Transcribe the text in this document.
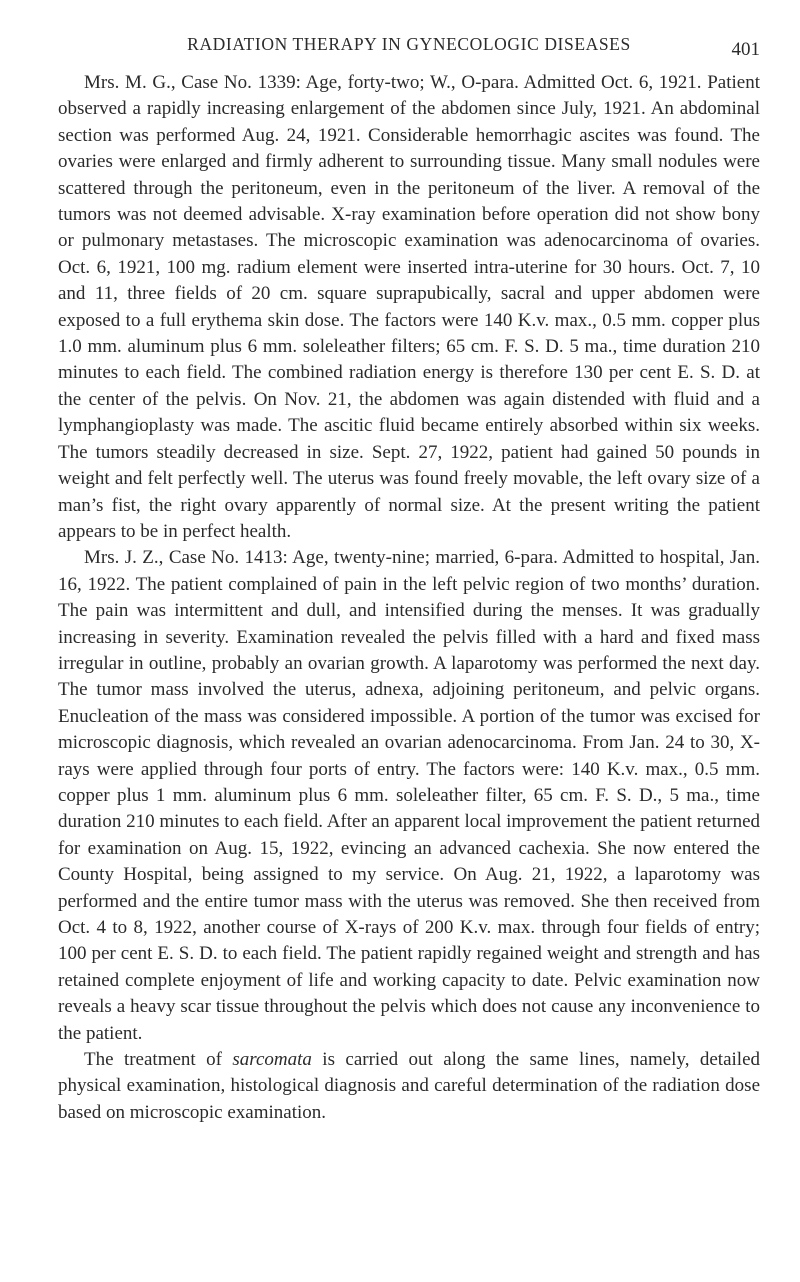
RADIATION THERAPY IN GYNECOLOGIC DISEASES	401

Mrs. M. G., Case No. 1339: Age, forty-two; W., O-para. Admitted Oct. 6, 1921. Patient observed a rapidly increasing enlargement of the abdomen since July, 1921. An abdominal section was performed Aug. 24, 1921. Considerable hemorrhagic ascites was found. The ovaries were enlarged and firmly adherent to surrounding tissue. Many small nodules were scattered through the peritoneum, even in the peritoneum of the liver. A removal of the tumors was not deemed advisable. X-ray examination before operation did not show bony or pulmonary metastases. The microscopic examination was adenocarcinoma of ovaries. Oct. 6, 1921, 100 mg. radium element were inserted intra-uterine for 30 hours. Oct. 7, 10 and 11, three fields of 20 cm. square suprapubically, sacral and upper abdomen were exposed to a full erythema skin dose. The factors were 140 K.v. max., 0.5 mm. copper plus 1.0 mm. aluminum plus 6 mm. soleleather filters; 65 cm. F. S. D. 5 ma., time duration 210 minutes to each field. The combined radiation energy is therefore 130 per cent E. S. D. at the center of the pelvis. On Nov. 21, the abdomen was again distended with fluid and a lymphangioplasty was made. The ascitic fluid became entirely absorbed within six weeks. The tumors steadily decreased in size. Sept. 27, 1922, patient had gained 50 pounds in weight and felt perfectly well. The uterus was found freely movable, the left ovary size of a man’s fist, the right ovary apparently of normal size. At the present writing the patient appears to be in perfect health.

Mrs. J. Z., Case No. 1413: Age, twenty-nine; married, 6-para. Admitted to hospital, Jan. 16, 1922. The patient complained of pain in the left pelvic region of two months’ duration. The pain was intermittent and dull, and intensified during the menses. It was gradually increasing in severity. Examination revealed the pelvis filled with a hard and fixed mass irregular in outline, probably an ovarian growth. A laparotomy was performed the next day. The tumor mass involved the uterus, adnexa, adjoining peritoneum, and pelvic organs. Enucleation of the mass was considered impossible. A portion of the tumor was excised for microscopic diagnosis, which revealed an ovarian adenocarcinoma. From Jan. 24 to 30, X-rays were applied through four ports of entry. The factors were: 140 K.v. max., 0.5 mm. copper plus 1 mm. aluminum plus 6 mm. soleleather filter, 65 cm. F. S. D., 5 ma., time duration 210 minutes to each field. After an apparent local improvement the patient returned for examination on Aug. 15, 1922, evincing an advanced cachexia. She now entered the County Hospital, being assigned to my service. On Aug. 21, 1922, a laparotomy was performed and the entire tumor mass with the uterus was removed. She then received from Oct. 4 to 8, 1922, another course of X-rays of 200 K.v. max. through four fields of entry; 100 per cent E. S. D. to each field. The patient rapidly regained weight and strength and has retained complete enjoyment of life and working capacity to date. Pelvic examination now reveals a heavy scar tissue throughout the pelvis which does not cause any inconvenience to the patient.

The treatment of sarcomata is carried out along the same lines, namely, detailed physical examination, histological diagnosis and careful determination of the radiation dose based on microscopic examination.
